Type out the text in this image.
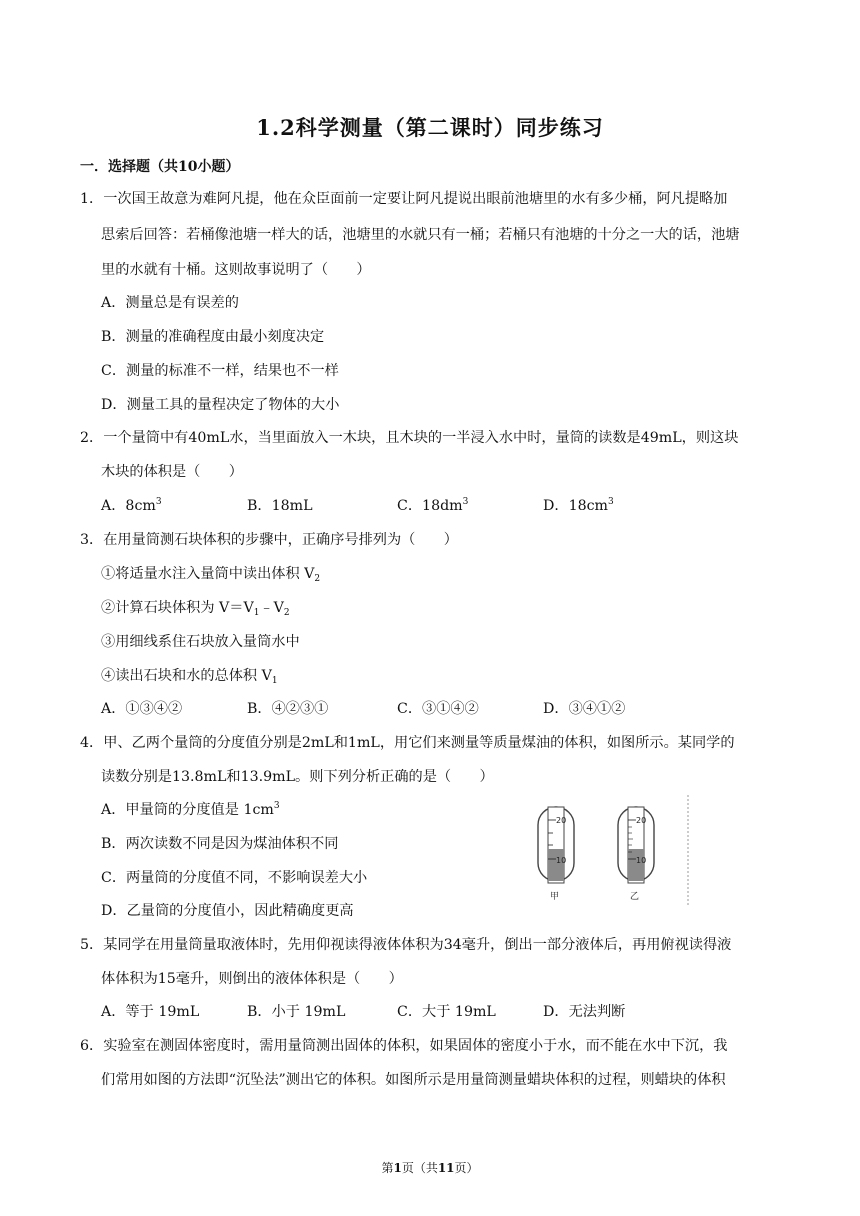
1.2科学测量（第二课时）同步练习
一．选择题（共10小题）
1．一次国王故意为难阿凡提，他在众臣面前一定要让阿凡提说出眼前池塘里的水有多少桶，阿凡提略加
思索后回答：若桶像池塘一样大的话，池塘里的水就只有一桶；若桶只有池塘的十分之一大的话，池塘
里的水就有十桶。这则故事说明了（　　）
A．测量总是有误差的
B．测量的准确程度由最小刻度决定
C．测量的标准不一样，结果也不一样
D．测量工具的量程决定了物体的大小
2．一个量筒中有40mL水，当里面放入一木块，且木块的一半浸入水中时，量筒的读数是49mL，则这块
木块的体积是（　　）
A．$8cm^3$	B．18mL	C．$18dm^3$	D．$18cm^3$
3．在用量筒测石块体积的步骤中，正确序号排列为（　　）
①将适量水注入量筒中读出体积 $V_2$
②计算石块体积为 $V=V_1﹣V_2$
③用细线系住石块放入量筒水中
④读出石块和水的总体积 $V_1$
A．①③④②	B．④②③①	C．③①④②	D．③④①②
4．甲、乙两个量筒的分度值分别是2mL和1mL，用它们来测量等质量煤油的体积，如图所示。某同学的
读数分别是13.8mL和13.9mL。则下列分析正确的是（　　）
A．甲量筒的分度值是 $1cm^3$
B．两次读数不同是因为煤油体积不同
C．两量筒的分度值不同，不影响误差大小
D．乙量筒的分度值小，因此精确度更高
20
10
甲
20
10
乙
5．某同学在用量筒量取液体时，先用仰视读得液体体积为34毫升，倒出一部分液体后，再用俯视读得液
体体积为15毫升，则倒出的液体体积是（　　）
A．等于 19mL	B．小于 19mL	C．大于 19mL	D．无法判断
6．实验室在测固体密度时，需用量筒测出固体的体积，如果固体的密度小于水，而不能在水中下沉，我
们常用如图的方法即“沉坠法”测出它的体积。如图所示是用量筒测量蜡块体积的过程，则蜡块的体积
第1页（共11页）
